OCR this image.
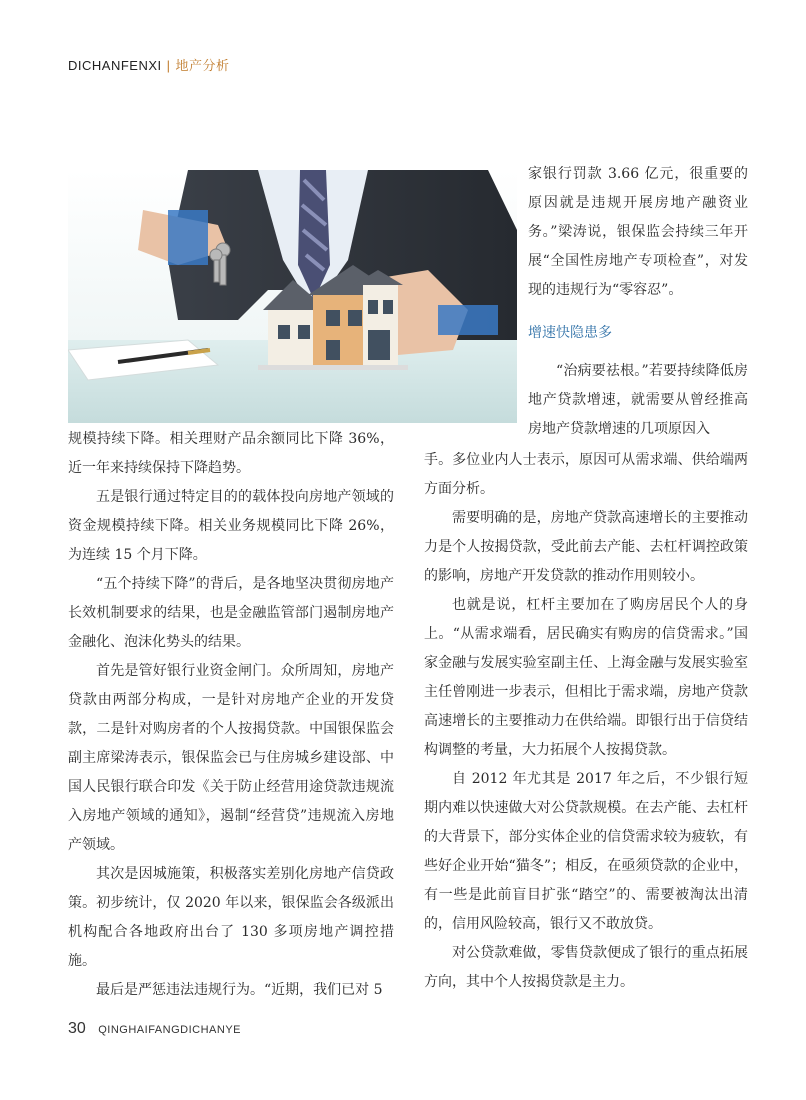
DICHANFENXI | 地产分析

家银行罚款 3.66 亿元，很重要的原因就是违规开展房地产融资业务。”梁涛说，银保监会持续三年开展“全国性房地产专项检查”，对发现的违规行为“零容忍”。

增速快隐患多

“治病要祛根。”若要持续降低房地产贷款增速，就需要从曾经推高房地产贷款增速的几项原因入

手。多位业内人士表示，原因可从需求端、供给端两方面分析。

需要明确的是，房地产贷款高速增长的主要推动力是个人按揭贷款，受此前去产能、去杠杆调控政策的影响，房地产开发贷款的推动作用则较小。

也就是说，杠杆主要加在了购房居民个人的身上。“从需求端看，居民确实有购房的信贷需求。”国家金融与发展实验室副主任、上海金融与发展实验室主任曾刚进一步表示，但相比于需求端，房地产贷款高速增长的主要推动力在供给端。即银行出于信贷结构调整的考量，大力拓展个人按揭贷款。

自 2012 年尤其是 2017 年之后，不少银行短期内难以快速做大对公贷款规模。在去产能、去杠杆的大背景下，部分实体企业的信贷需求较为疲软，有些好企业开始“猫冬”；相反，在亟须贷款的企业中，有一些是此前盲目扩张“踏空”的、需要被淘汰出清的，信用风险较高，银行又不敢放贷。

对公贷款难做，零售贷款便成了银行的重点拓展方向，其中个人按揭贷款是主力。

规模持续下降。相关理财产品余额同比下降 36%，近一年来持续保持下降趋势。

五是银行通过特定目的的载体投向房地产领域的资金规模持续下降。相关业务规模同比下降 26%，为连续 15 个月下降。

“五个持续下降”的背后，是各地坚决贯彻房地产长效机制要求的结果，也是金融监管部门遏制房地产金融化、泡沫化势头的结果。

首先是管好银行业资金闸门。众所周知，房地产贷款由两部分构成，一是针对房地产企业的开发贷款，二是针对购房者的个人按揭贷款。中国银保监会副主席梁涛表示，银保监会已与住房城乡建设部、中国人民银行联合印发《关于防止经营用途贷款违规流入房地产领域的通知》，遏制“经营贷”违规流入房地产领域。

其次是因城施策，积极落实差别化房地产信贷政策。初步统计，仅 2020 年以来，银保监会各级派出机构配合各地政府出台了 130 多项房地产调控措施。

最后是严惩违法违规行为。“近期，我们已对 5

30 QINGHAIFANGDICHANYE
